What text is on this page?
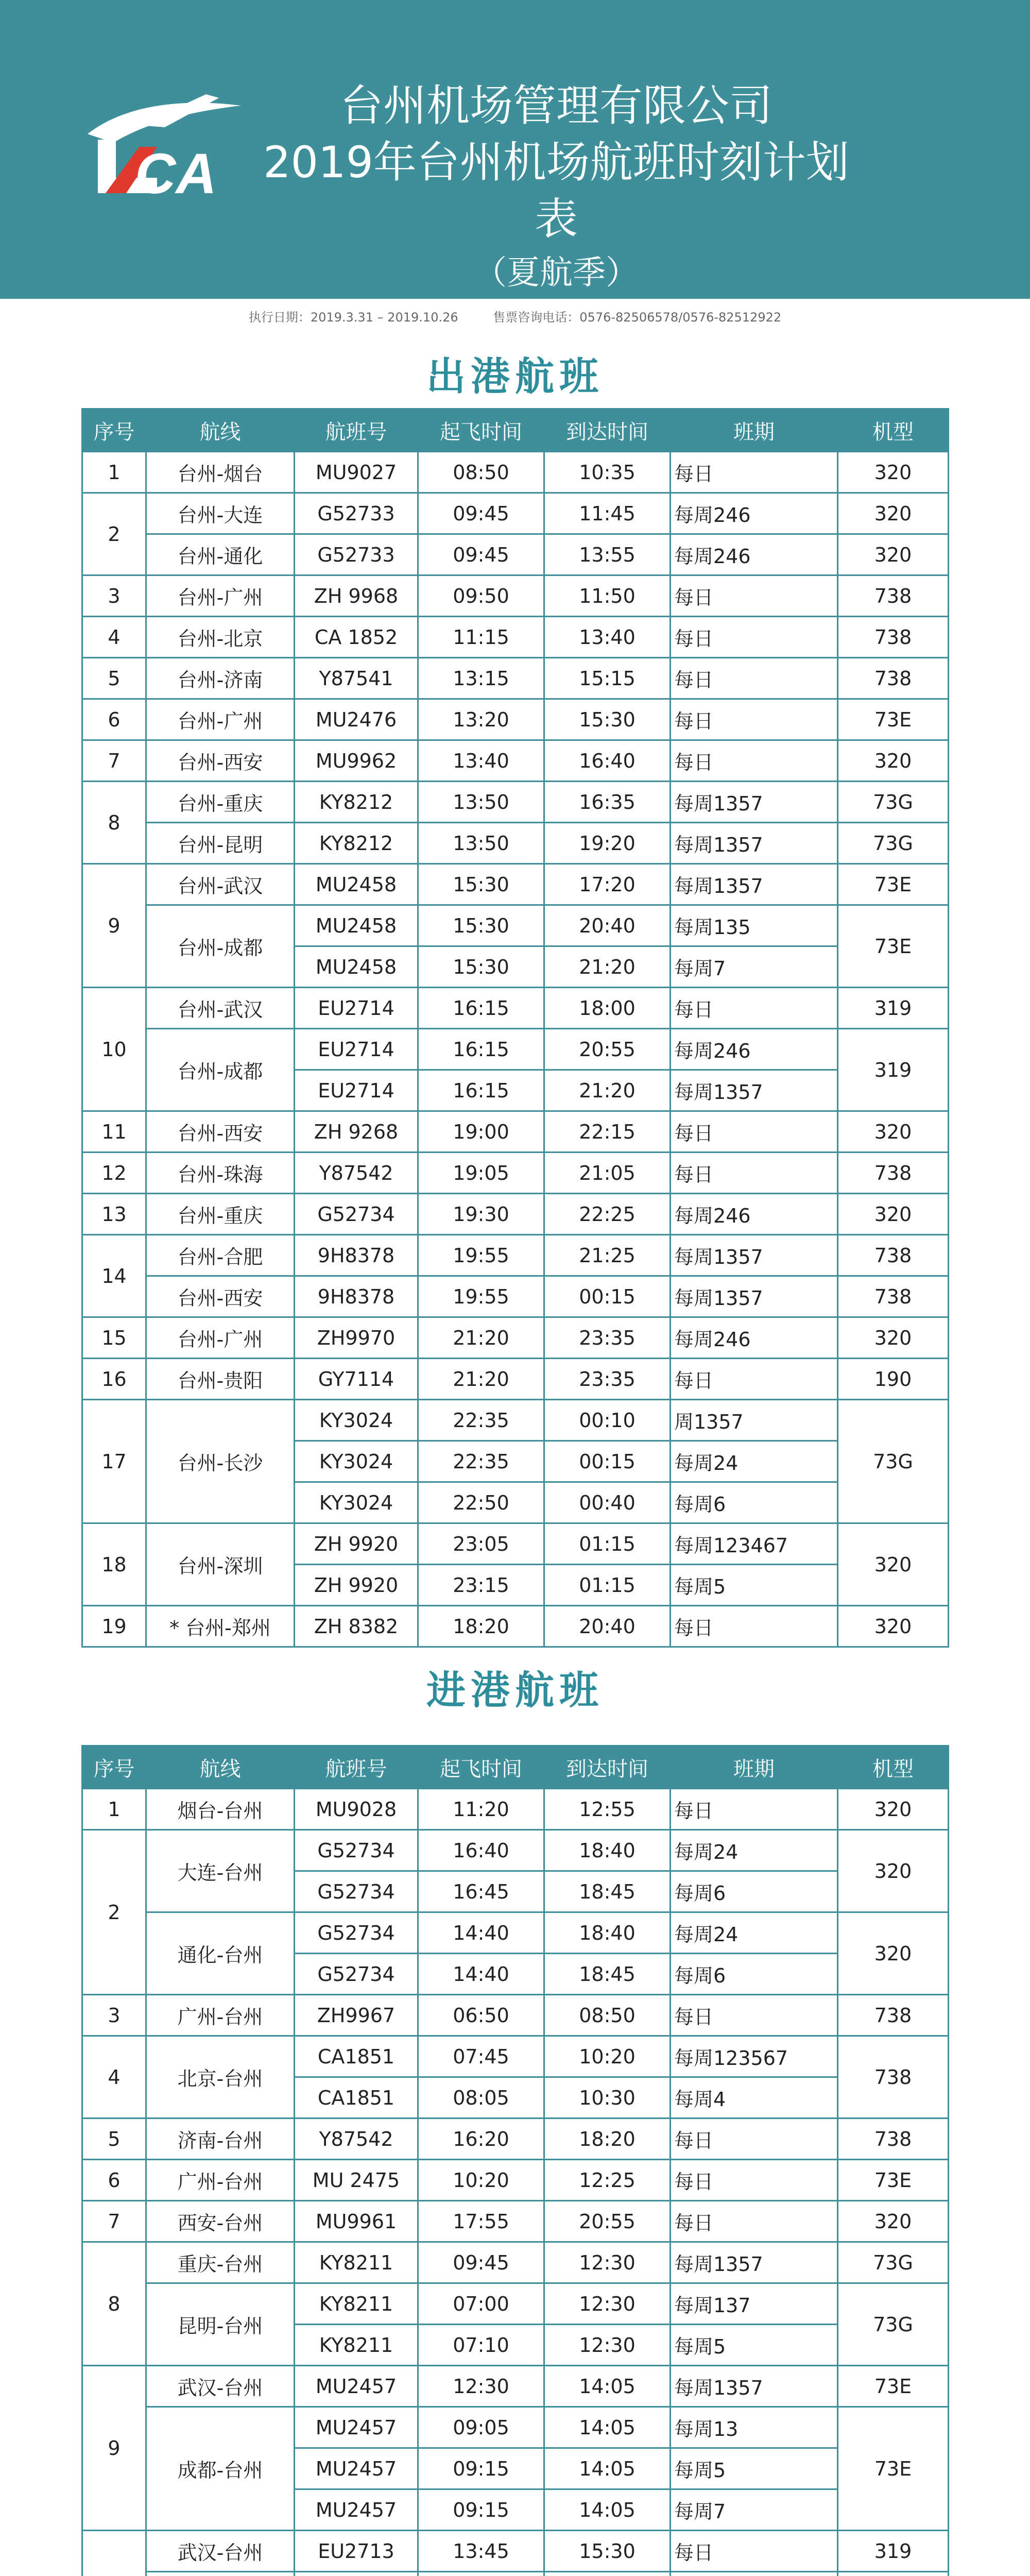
CA
台州机场管理有限公司
2019年台州机场航班时刻计划表
（夏航季）
执行日期：2019.3.31 – 2019.10.26	售票咨询电话：0576-82506578/0576-82512922
出港航班
序号	航线	航班号	起飞时间	到达时间	班期	机型
1	台州-烟台	MU9027	08:50	10:35	每日	320
2	台州-大连	G52733	09:45	11:45	每周246	320
	台州-通化	G52733	09:45	13:55	每周246	320
3	台州-广州	ZH 9968	09:50	11:50	每日	738
4	台州-北京	CA 1852	11:15	13:40	每日	738
5	台州-济南	Y87541	13:15	15:15	每日	738
6	台州-广州	MU2476	13:20	15:30	每日	73E
7	台州-西安	MU9962	13:40	16:40	每日	320
8	台州-重庆	KY8212	13:50	16:35	每周1357	73G
	台州-昆明	KY8212	13:50	19:20	每周1357	73G
9	台州-武汉	MU2458	15:30	17:20	每周1357	73E
	台州-成都	MU2458	15:30	20:40	每周135	73E
		MU2458	15:30	21:20	每周7	
10	台州-武汉	EU2714	16:15	18:00	每日	319
	台州-成都	EU2714	16:15	20:55	每周246	319
		EU2714	16:15	21:20	每周1357	
11	台州-西安	ZH 9268	19:00	22:15	每日	320
12	台州-珠海	Y87542	19:05	21:05	每日	738
13	台州-重庆	G52734	19:30	22:25	每周246	320
14	台州-合肥	9H8378	19:55	21:25	每周1357	738
	台州-西安	9H8378	19:55	00:15	每周1357	738
15	台州-广州	ZH9970	21:20	23:35	每周246	320
16	台州-贵阳	GY7114	21:20	23:35	每日	190
17	台州-长沙	KY3024	22:35	00:10	周1357	73G
		KY3024	22:35	00:15	每周24	
		KY3024	22:50	00:40	每周6	
18	台州-深圳	ZH 9920	23:05	01:15	每周123467	320
		ZH 9920	23:15	01:15	每周5	
19	* 台州-郑州	ZH 8382	18:20	20:40	每日	320
进港航班
序号	航线	航班号	起飞时间	到达时间	班期	机型
1	烟台-台州	MU9028	11:20	12:55	每日	320
2	大连-台州	G52734	16:40	18:40	每周24	320
		G52734	16:45	18:45	每周6	
	通化-台州	G52734	14:40	18:40	每周24	320
		G52734	14:40	18:45	每周6	
3	广州-台州	ZH9967	06:50	08:50	每日	738
4	北京-台州	CA1851	07:45	10:20	每周123567	738
		CA1851	08:05	10:30	每周4	
5	济南-台州	Y87542	16:20	18:20	每日	738
6	广州-台州	MU 2475	10:20	12:25	每日	73E
7	西安-台州	MU9961	17:55	20:55	每日	320
8	重庆-台州	KY8211	09:45	12:30	每周1357	73G
	昆明-台州	KY8211	07:00	12:30	每周137	73G
		KY8211	07:10	12:30	每周5	
9	武汉-台州	MU2457	12:30	14:05	每周1357	73E
	成都-台州	MU2457	09:05	14:05	每周13	73E
		MU2457	09:15	14:05	每周5	
		MU2457	09:15	14:05	每周7	
	武汉-台州	EU2713	13:45	15:30	每日	319
